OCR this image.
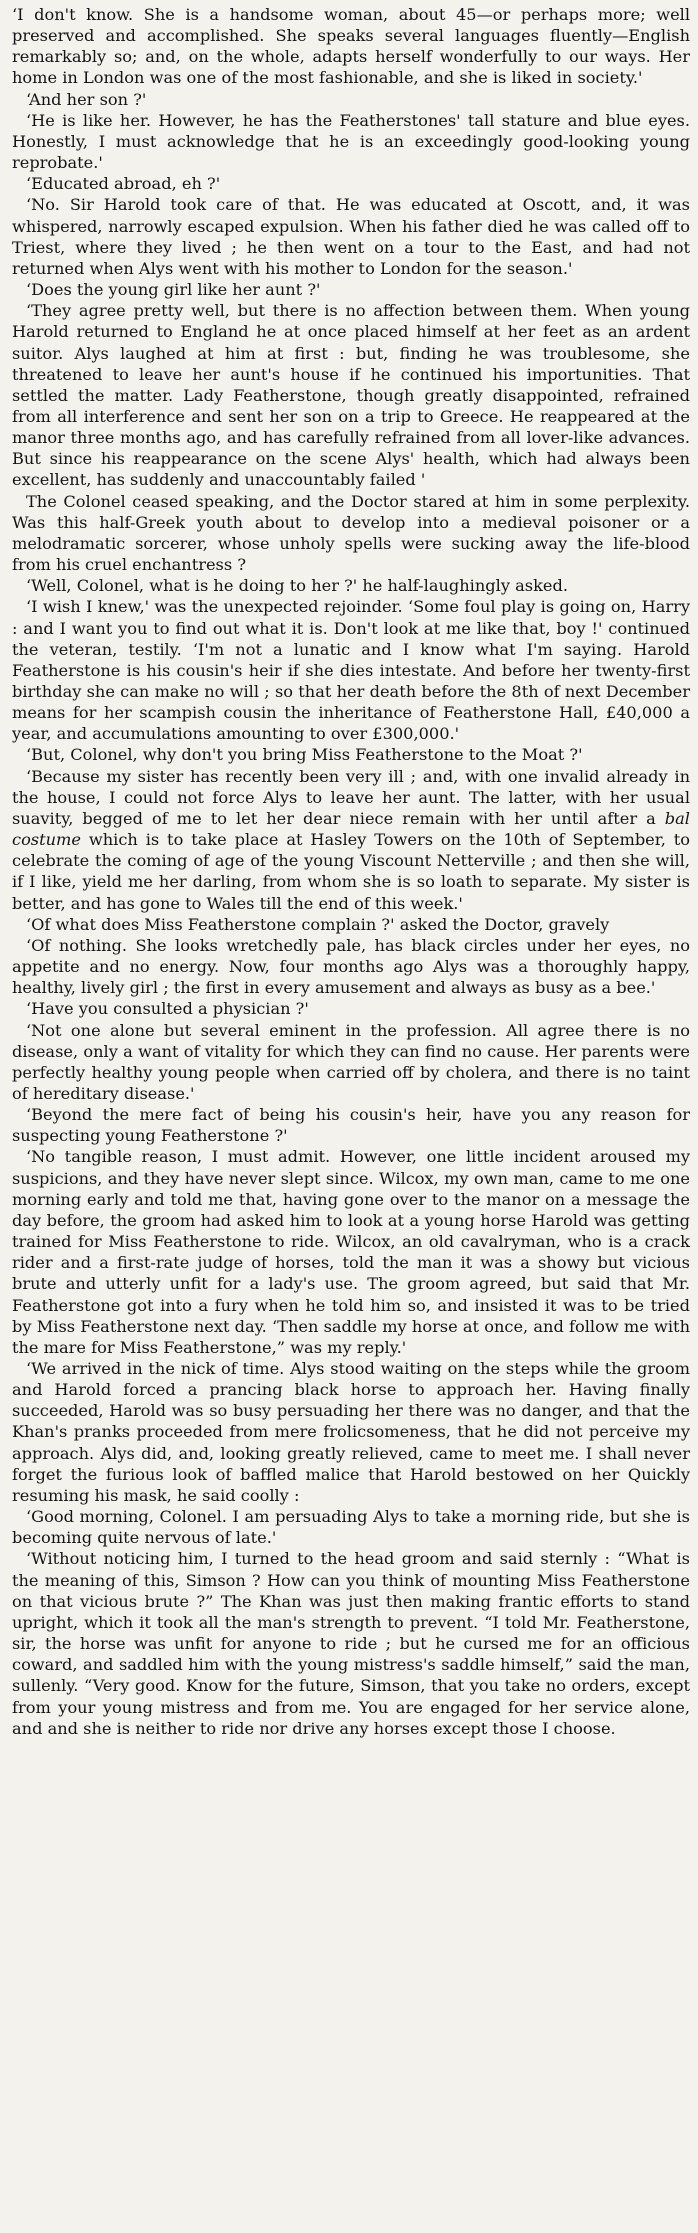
‘I don't know. She is a handsome woman, about 45—or perhaps more; well preserved and accomplished. She speaks several languages fluently—English remarkably so; and, on the whole, adapts herself wonderfully to our ways. Her home in London was one of the most fashionable, and she is liked in society.'

‘And her son ?'

‘He is like her. However, he has the Featherstones' tall stature and blue eyes. Honestly, I must acknowledge that he is an exceedingly good-looking young reprobate.'

‘Educated abroad, eh ?'

‘No. Sir Harold took care of that. He was educated at Oscott, and, it was whispered, narrowly escaped expulsion. When his father died he was called off to Triest, where they lived ; he then went on a tour to the East, and had not returned when Alys went with his mother to London for the season.'

‘Does the young girl like her aunt ?'

‘They agree pretty well, but there is no affection between them. When young Harold returned to England he at once placed himself at her feet as an ardent suitor. Alys laughed at him at first : but, finding he was troublesome, she threatened to leave her aunt's house if he continued his importunities. That settled the matter. Lady Featherstone, though greatly disappointed, refrained from all interference and sent her son on a trip to Greece. He reappeared at the manor three months ago, and has carefully refrained from all lover-like advances. But since his reappearance on the scene Alys' health, which had always been excellent, has suddenly and unaccountably failed '

The Colonel ceased speaking, and the Doctor stared at him in some perplexity. Was this half-Greek youth about to develop into a medieval poisoner or a melodramatic sorcerer, whose unholy spells were sucking away the life-blood from his cruel enchantress ?

‘Well, Colonel, what is he doing to her ?' he half-laughingly asked.

‘I wish I knew,' was the unexpected rejoinder. ‘Some foul play is going on, Harry : and I want you to find out what it is. Don't look at me like that, boy !' continued the veteran, testily. ‘I'm not a lunatic and I know what I'm saying. Harold Featherstone is his cousin's heir if she dies intestate. And before her twenty-first birthday she can make no will ; so that her death before the 8th of next December means for her scampish cousin the inheritance of Featherstone Hall, £40,000 a year, and accumulations amounting to over £300,000.'

‘But, Colonel, why don't you bring Miss Featherstone to the Moat ?'

‘Because my sister has recently been very ill ; and, with one invalid already in the house, I could not force Alys to leave her aunt. The latter, with her usual suavity, begged of me to let her dear niece remain with her until after a bal costume which is to take place at Hasley Towers on the 10th of September, to celebrate the coming of age of the young Viscount Netterville ; and then she will, if I like, yield me her darling, from whom she is so loath to separate. My sister is better, and has gone to Wales till the end of this week.'

‘Of what does Miss Featherstone complain ?' asked the Doctor, gravely

‘Of nothing. She looks wretchedly pale, has black circles under her eyes, no appetite and no energy. Now, four months ago Alys was a thoroughly happy, healthy, lively girl ; the first in every amusement and always as busy as a bee.'

‘Have you consulted a physician ?'

‘Not one alone but several eminent in the profession. All agree there is no disease, only a want of vitality for which they can find no cause. Her parents were perfectly healthy young people when carried off by cholera, and there is no taint of hereditary disease.'

‘Beyond the mere fact of being his cousin's heir, have you any reason for suspecting young Featherstone ?'

‘No tangible reason, I must admit. However, one little incident aroused my suspicions, and they have never slept since. Wilcox, my own man, came to me one morning early and told me that, having gone over to the manor on a message the day before, the groom had asked him to look at a young horse Harold was getting trained for Miss Featherstone to ride. Wilcox, an old cavalryman, who is a crack rider and a first-rate judge of horses, told the man it was a showy but vicious brute and utterly unfit for a lady's use. The groom agreed, but said that Mr. Featherstone got into a fury when he told him so, and insisted it was to be tried by Miss Featherstone next day. ‘Then saddle my horse at once, and follow me with the mare for Miss Featherstone,” was my reply.'

‘We arrived in the nick of time. Alys stood waiting on the steps while the groom and Harold forced a prancing black horse to approach her. Having finally succeeded, Harold was so busy persuading her there was no danger, and that the Khan's pranks proceeded from mere frolicsomeness, that he did not perceive my approach. Alys did, and, looking greatly relieved, came to meet me. I shall never forget the furious look of baffled malice that Harold bestowed on her Quickly resuming his mask, he said coolly :

‘Good morning, Colonel. I am persuading Alys to take a morning ride, but she is becoming quite nervous of late.'

‘Without noticing him, I turned to the head groom and said sternly : “What is the meaning of this, Simson ? How can you think of mounting Miss Featherstone on that vicious brute ?” The Khan was just then making frantic efforts to stand upright, which it took all the man's strength to prevent. “I told Mr. Featherstone, sir, the horse was unfit for anyone to ride ; but he cursed me for an officious coward, and saddled him with the young mistress's saddle himself,” said the man, sullenly. “Very good. Know for the future, Simson, that you take no orders, except from your young mistress and from me. You are engaged for her service alone, and and she is neither to ride nor drive any horses except those I choose.
